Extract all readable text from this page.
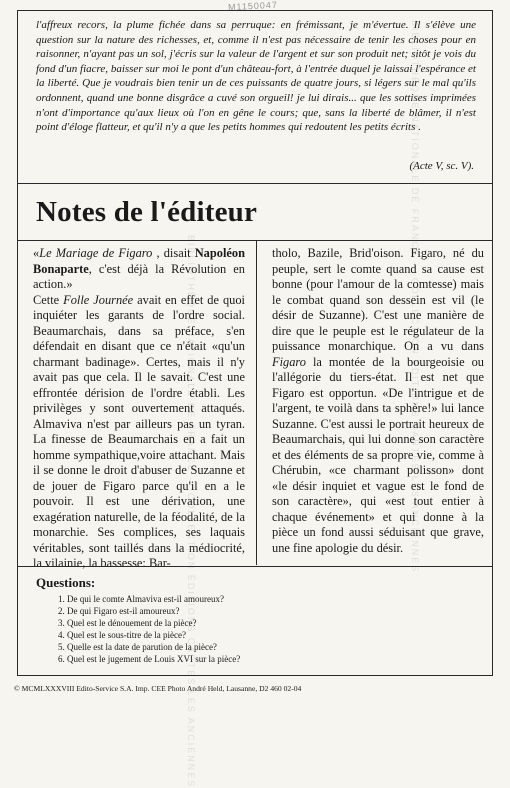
M1150047
BIBLIOTHÈQUE NATIONALE DE FRANCE — COLLECTION ÉDITIONS CARTES LES ANCIENNES	BIBLIOTHÈQUE NATIONALE DE FRANCE — COLLECTION ÉDITIONS CARTES LES ANCIENNES
l'affreux recors, la plume fichée dans sa perruque: en frémissant, je m'évertue. Il s'élève une question sur la nature des richesses, et, comme il n'est pas nécessaire de tenir les choses pour en raisonner, n'ayant pas un sol, j'écris sur la valeur de l'argent et sur son produit net; sitôt je vois du fond d'un fiacre, baisser sur moi le pont d'un château-fort, à l'entrée duquel je laissai l'espérance et la liberté. Que je voudrais bien tenir un de ces puissants de quatre jours, si légers sur le mal qu'ils ordonnent, quand une bonne disgrâce a cuvé son orgueil! je lui dirais... que les sottises imprimées n'ont d'importance qu'aux lieux où l'on en gêne le cours; que, sans la liberté de blâmer, il n'est point d'éloge flatteur, et qu'il n'y a que les petits hommes qui redoutent les petits écrits .
(Acte V, sc. V).
Notes de l'éditeur

«Le Mariage de Figaro , disait Napoléon Bonaparte, c'est déjà la Révolution en action.»

Cette Folle Journée avait en effet de quoi inquiéter les garants de l'ordre social. Beaumarchais, dans sa préface, s'en défendait en disant que ce n'était «qu'un charmant badinage». Certes, mais il n'y avait pas que cela. Il le savait. C'est une effrontée dérision de l'ordre établi. Les privilèges y sont ouvertement attaqués. Almaviva n'est par ailleurs pas un tyran. La finesse de Beaumarchais en a fait un homme sympathique,voire attachant. Mais il se donne le droit d'abuser de Suzanne et de jouer de Figaro parce qu'il en a le pouvoir. Il est une dérivation, une exagération naturelle, de la féodalité, de la monarchie. Ses complices, ses laquais véritables, sont taillés dans la médiocrité, la vilainie, la bassesse: Bar-

tholo, Bazile, Brid'oison. Figaro, né du peuple, sert le comte quand sa cause est bonne (pour l'amour de la comtesse) mais le combat quand son dessein est vil (le désir de Suzanne). C'est une manière de dire que le peuple est le régulateur de la puissance monarchique. On a vu dans Figaro la montée de la bourgeoisie ou l'allégorie du tiers-état. Il est net que Figaro est opportun. «De l'intrigue et de l'argent, te voilà dans ta sphère!» lui lance Suzanne. C'est aussi le portrait heureux de Beaumarchais, qui lui donne son caractère et des éléments de sa propre vie, comme à Chérubin, «ce charmant polisson» dont «le désir inquiet et vague est le fond de son caractère», qui «est tout entier à chaque événement» et qui donne à la pièce un fond aussi séduisant que grave, une fine apologie du désir.

Questions:
1. De qui le comte Almaviva est-il amoureux?
2. De qui Figaro est-il amoureux?
3. Quel est le dénouement de la pièce?
4. Quel est le sous-titre de la pièce?
5. Quelle est la date de parution de la pièce?
6. Quel est le jugement de Louis XVI sur la pièce?
© MCMLXXXVIII Edito-Service S.A. Imp. CEE Photo André Held, Lausanne, D2 460 02-04
